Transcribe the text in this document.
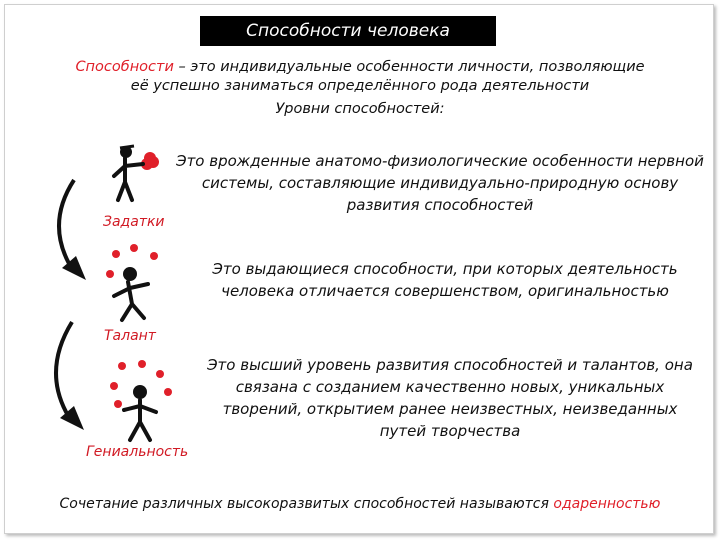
Способности человека
Способности – это индивидуальные особенности личности, позволяющие
её успешно заниматься определённого рода деятельности
Уровни способностей:
Задатки
Это врожденные анатомо-физиологические особенности нервной системы, составляющие индивидуально-природную основу развития способностей
Талант
Это выдающиеся способности, при которых деятельность человека отличается совершенством, оригинальностью
Гениальность
Это высший уровень развития способностей и талантов, она связана с созданием качественно новых, уникальных творений, открытием ранее неизвестных, неизведанных путей творчества
Сочетание различных высокоразвитых способностей называются одаренностью
